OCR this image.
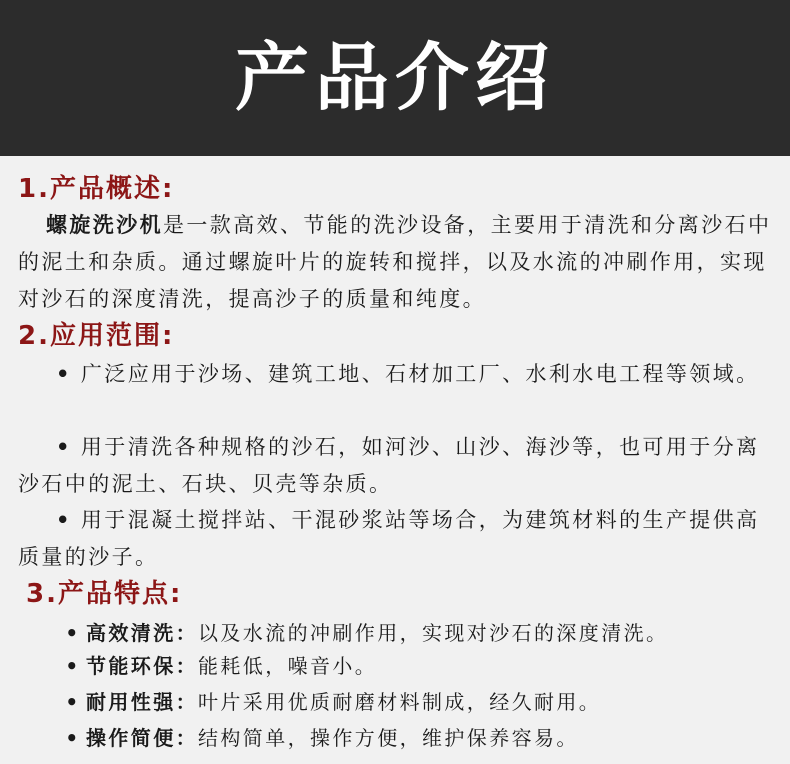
产品介绍
1.产品概述:
螺旋洗沙机是一款高效、节能的洗沙设备，主要用于清洗和分离沙石中的泥土和杂质。通过螺旋叶片的旋转和搅拌，以及水流的冲刷作用，实现对沙石的深度清洗，提高沙子的质量和纯度。
2.应用范围:
• 广泛应用于沙场、建筑工地、石材加工厂、水利水电工程等领域。
• 用于清洗各种规格的沙石，如河沙、山沙、海沙等，也可用于分离沙石中的泥土、石块、贝壳等杂质。
• 用于混凝土搅拌站、干混砂浆站等场合，为建筑材料的生产提供高质量的沙子。
3.产品特点:
• 高效清洗：以及水流的冲刷作用，实现对沙石的深度清洗。
• 节能环保：能耗低，噪音小。
• 耐用性强：叶片采用优质耐磨材料制成，经久耐用。
• 操作简便：结构简单，操作方便，维护保养容易。
